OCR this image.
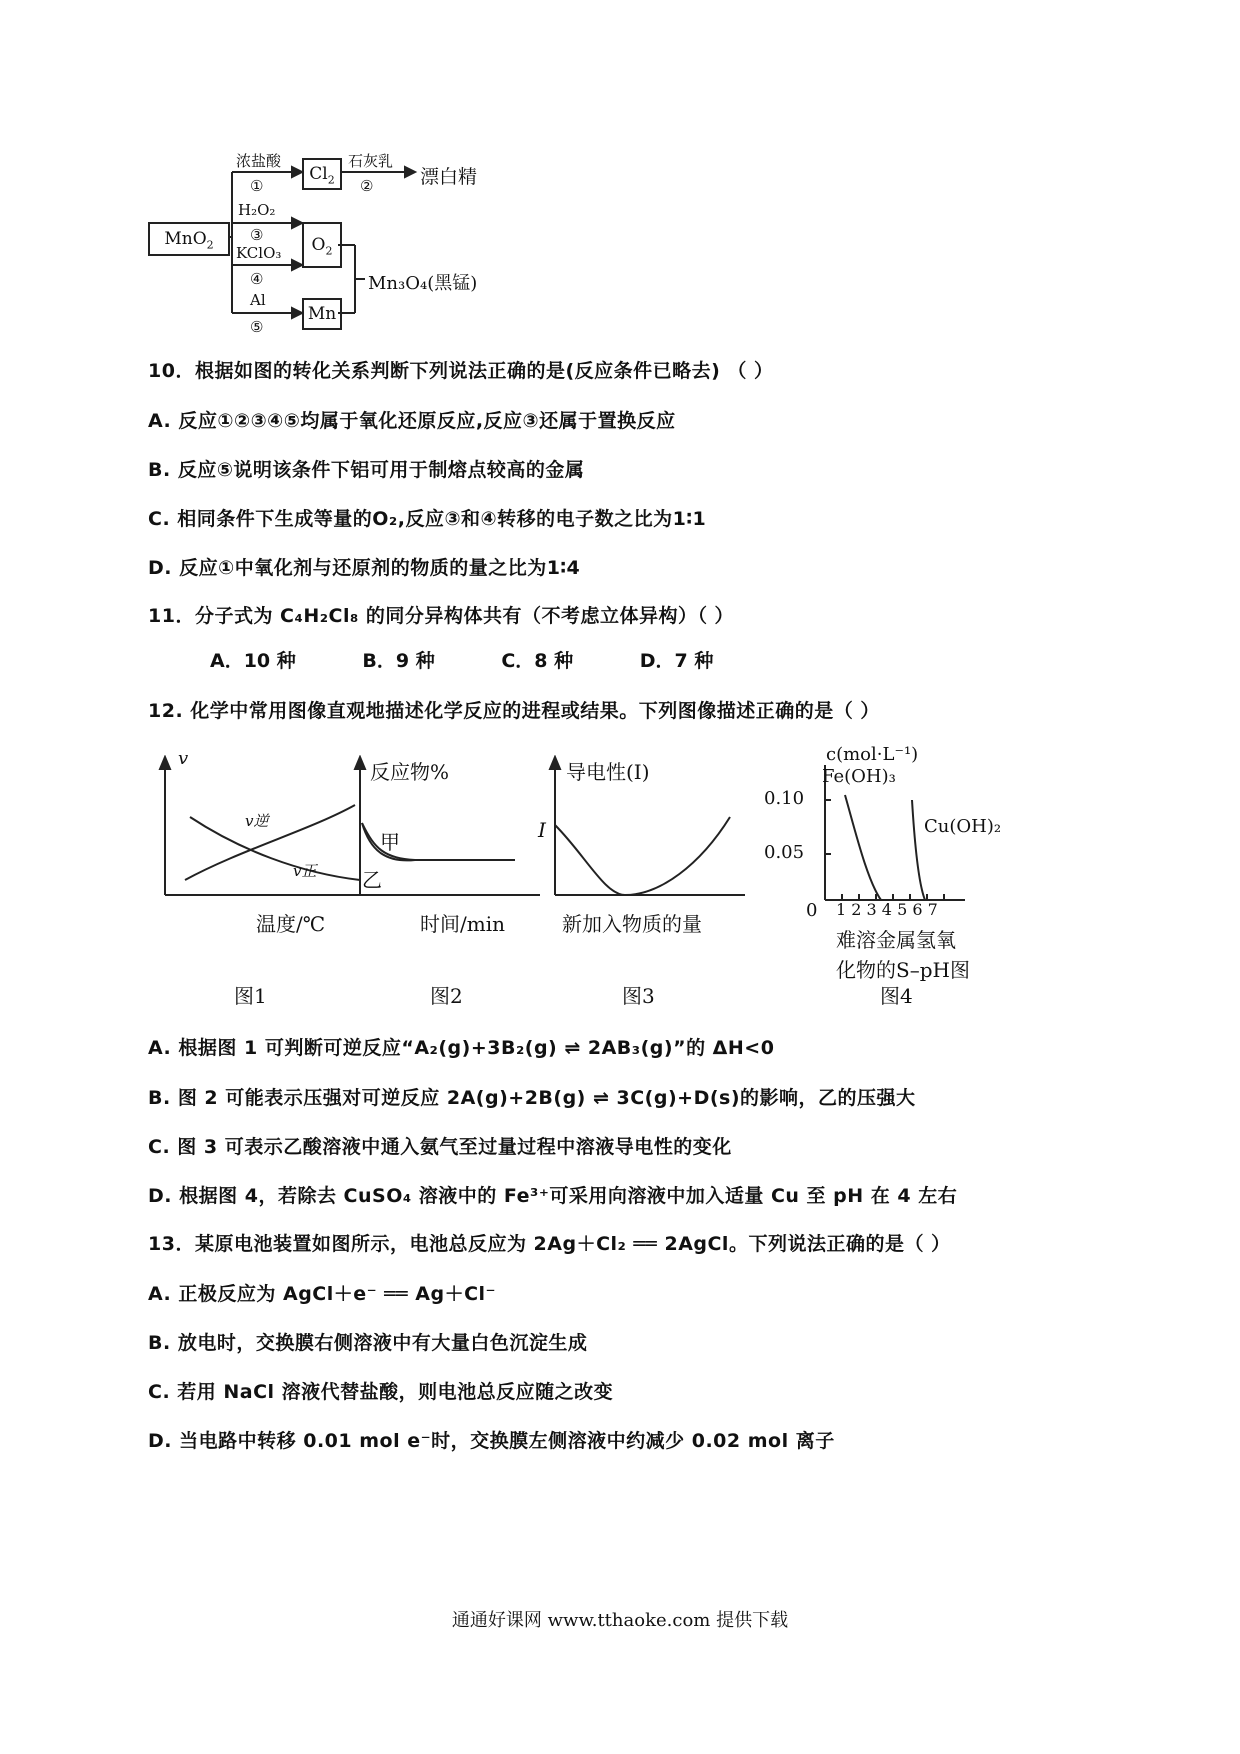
MnO$_2$
$Cl_2$
$O_2$
Mn
浓盐酸
①
石灰乳
② 漂白精
H₂O₂
③
KClO₃
④
Al
⑤
Mn₃O₄(黑锰)
10．根据如图的转化关系判断下列说法正确的是(反应条件已略去) （ ）
A. 反应①②③④⑤均属于氧化还原反应,反应③还属于置换反应
B. 反应⑤说明该条件下铝可用于制熔点较高的金属
C. 相同条件下生成等量的O₂,反应③和④转移的电子数之比为1∶1
D. 反应①中氧化剂与还原剂的物质的量之比为1∶4
11．分子式为 C₄H₂Cl₈ 的同分异构体共有（不考虑立体异构）（ ）
A．10 种	B．9 种	C．8 种	D．7 种
12. 化学中常用图像直观地描述化学反应的进程或结果。下列图像描述正确的是（ ）
v
v逆
v正
温度/℃
图1
反应物%
甲
乙
时间/min
图2
导电性(I)
I
新加入物质的量
图3
c(mol·L⁻¹)
Fe(OH)₃
Cu(OH)₂
0.10
0.05
0 1 2 3 4 5 6 7
难溶金属氢氧
化物的S–pH图
图4
A. 根据图 1 可判断可逆反应“A₂(g)+3B₂(g) ⇌ 2AB₃(g)”的 ΔH<0
B. 图 2 可能表示压强对可逆反应 2A(g)+2B(g) ⇌ 3C(g)+D(s)的影响，乙的压强大
C. 图 3 可表示乙酸溶液中通入氨气至过量过程中溶液导电性的变化
D. 根据图 4，若除去 CuSO₄ 溶液中的 Fe³⁺可采用向溶液中加入适量 Cu 至 pH 在 4 左右
13．某原电池装置如图所示，电池总反应为 2Ag＋Cl₂ ══ 2AgCl。下列说法正确的是（ ）
A. 正极反应为 AgCl＋e⁻ ══ Ag＋Cl⁻
B. 放电时，交换膜右侧溶液中有大量白色沉淀生成
C. 若用 NaCl 溶液代替盐酸，则电池总反应随之改变
D. 当电路中转移 0.01 mol e⁻时，交换膜左侧溶液中约减少 0.02 mol 离子
通通好课网 www.tthaoke.com 提供下载
